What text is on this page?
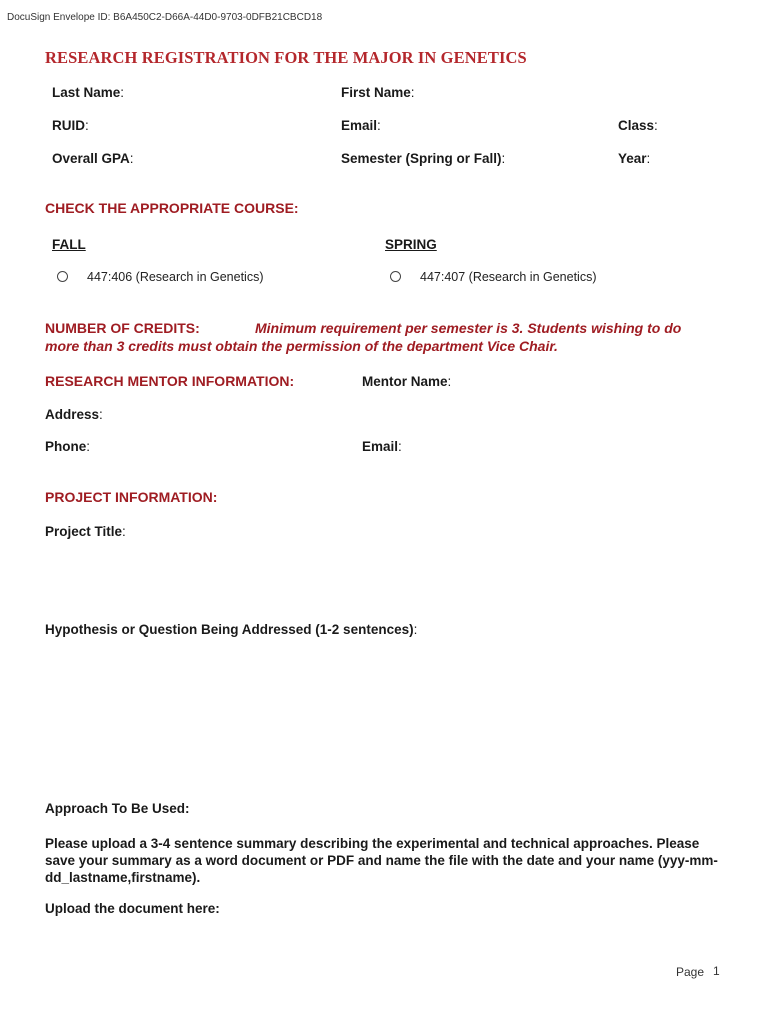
DocuSign Envelope ID: B6A450C2-D66A-44D0-9703-0DFB21CBCD18
RESEARCH REGISTRATION FOR THE MAJOR IN GENETICS
Last Name:	First Name:
RUID:	Email:	Class:
Overall GPA:	Semester (Spring or Fall):	Year:
CHECK THE APPROPRIATE COURSE:
FALL	SPRING
447:406 (Research in Genetics)	447:407 (Research in Genetics)
NUMBER OF CREDITS:	Minimum requirement per semester is 3. Students wishing to do
more than 3 credits must obtain the permission of the department Vice Chair.
RESEARCH MENTOR INFORMATION:	Mentor Name:
Address:
Phone:	Email:
PROJECT INFORMATION:
Project Title:
Hypothesis or Question Being Addressed (1-2 sentences):
Approach To Be Used:
Please upload a 3-4 sentence summary describing the experimental and technical approaches. Please save your summary as a word document or PDF and name the file with the date and your name (yyy-mm-dd_lastname,firstname).
Upload the document here:
Page 1
